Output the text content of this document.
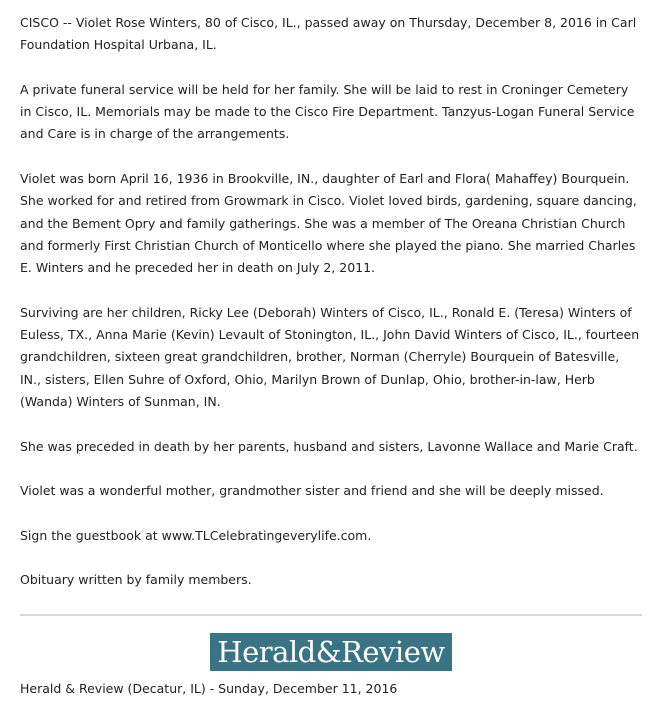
CISCO -- Violet Rose Winters, 80 of Cisco, IL., passed away on Thursday, December 8, 2016 in Carl Foundation Hospital Urbana, IL.

A private funeral service will be held for her family. She will be laid to rest in Croninger Cemetery in Cisco, IL. Memorials may be made to the Cisco Fire Department. Tanzyus-Logan Funeral Service and Care is in charge of the arrangements.

Violet was born April 16, 1936 in Brookville, IN., daughter of Earl and Flora( Mahaffey) Bourquein. She worked for and retired from Growmark in Cisco. Violet loved birds, gardening, square dancing, and the Bement Opry and family gatherings. She was a member of The Oreana Christian Church and formerly First Christian Church of Monticello where she played the piano. She married Charles E. Winters and he preceded her in death on July 2, 2011.

Surviving are her children, Ricky Lee (Deborah) Winters of Cisco, IL., Ronald E. (Teresa) Winters of Euless, TX., Anna Marie (Kevin) Levault of Stonington, IL., John David Winters of Cisco, IL., fourteen grandchildren, sixteen great grandchildren, brother, Norman (Cherryle) Bourquein of Batesville, IN., sisters, Ellen Suhre of Oxford, Ohio, Marilyn Brown of Dunlap, Ohio, brother-in-law, Herb (Wanda) Winters of Sunman, IN.

She was preceded in death by her parents, husband and sisters, Lavonne Wallace and Marie Craft.

Violet was a wonderful mother, grandmother sister and friend and she will be deeply missed.

Sign the guestbook at www.TLCelebratingeverylife.com.

Obituary written by family members.

Herald&Review
Herald & Review (Decatur, IL) - Sunday, December 11, 2016
